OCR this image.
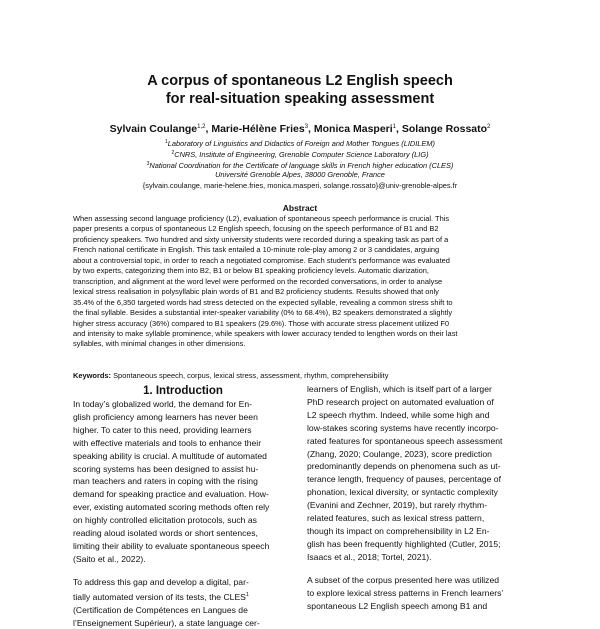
A corpus of spontaneous L2 English speech
for real-situation speaking assessment
Sylvain Coulange$^{1,2}$, Marie-Hélène Fries$^3$, Monica Masperi$^1$, Solange Rossato$^2$
$^1$Laboratory of Linguistics and Didactics of Foreign and Mother Tongues (LIDILEM)
$^2$CNRS, Institute of Engineering, Grenoble Computer Science Laboratory (LIG)
$^3$National Coordination for the Certificate of language skills in French higher education (CLES)
Université Grenoble Alpes, 38000 Grenoble, France
{sylvain.coulange, marie-helene.fries, monica.masperi, solange.rossato}@univ-grenoble-alpes.fr
Abstract
When assessing second language proficiency (L2), evaluation of spontaneous speech performance is crucial. This
paper presents a corpus of spontaneous L2 English speech, focusing on the speech performance of B1 and B2
proficiency speakers. Two hundred and sixty university students were recorded during a speaking task as part of a
French national certificate in English. This task entailed a 10-minute role-play among 2 or 3 candidates, arguing
about a controversial topic, in order to reach a negotiated compromise. Each student’s performance was evaluated
by two experts, categorizing them into B2, B1 or below B1 speaking proficiency levels. Automatic diarization,
transcription, and alignment at the word level were performed on the recorded conversations, in order to analyse
lexical stress realisation in polysyllabic plain words of B1 and B2 proficiency students. Results showed that only
35.4% of the 6,350 targeted words had stress detected on the expected syllable, revealing a common stress shift to
the final syllable. Besides a substantial inter-speaker variability (0% to 68.4%), B2 speakers demonstrated a slightly
higher stress accuracy (36%) compared to B1 speakers (29.6%). Those with accurate stress placement utilized F0
and intensity to make syllable prominence, while speakers with lower accuracy tended to lengthen words on their last
syllables, with minimal changes in other dimensions.
Keywords: Spontaneous speech, corpus, lexical stress, assessment, rhythm, comprehensibility
1. Introduction
In today’s globalized world, the demand for En-
glish proficiency among learners has never been
higher. To cater to this need, providing learners
with effective materials and tools to enhance their
speaking ability is crucial. A multitude of automated
scoring systems has been designed to assist hu-
man teachers and raters in coping with the rising
demand for speaking practice and evaluation. How-
ever, existing automated scoring methods often rely
on highly controlled elicitation protocols, such as
reading aloud isolated words or short sentences,
limiting their ability to evaluate spontaneous speech
(Saito et al., 2022).
To address this gap and develop a digital, par-
tially automated version of its tests, the CLES$^1$
(Certification de Compétences en Langues de
l’Enseignement Supérieur), a state language cer-
learners of English, which is itself part of a larger
PhD research project on automated evaluation of
L2 speech rhythm. Indeed, while some high and
low-stakes scoring systems have recently incorpo-
rated features for spontaneous speech assessment
(Zhang, 2020; Coulange, 2023), score prediction
predominantly depends on phenomena such as ut-
terance length, frequency of pauses, percentage of
phonation, lexical diversity, or syntactic complexity
(Evanini and Zechner, 2019), but rarely rhythm-
related features, such as lexical stress pattern,
though its impact on comprehensibility in L2 En-
glish has been frequently highlighted (Cutler, 2015;
Isaacs et al., 2018; Tortel, 2021).
A subset of the corpus presented here was utilized
to explore lexical stress patterns in French learners’
spontaneous L2 English speech among B1 and
